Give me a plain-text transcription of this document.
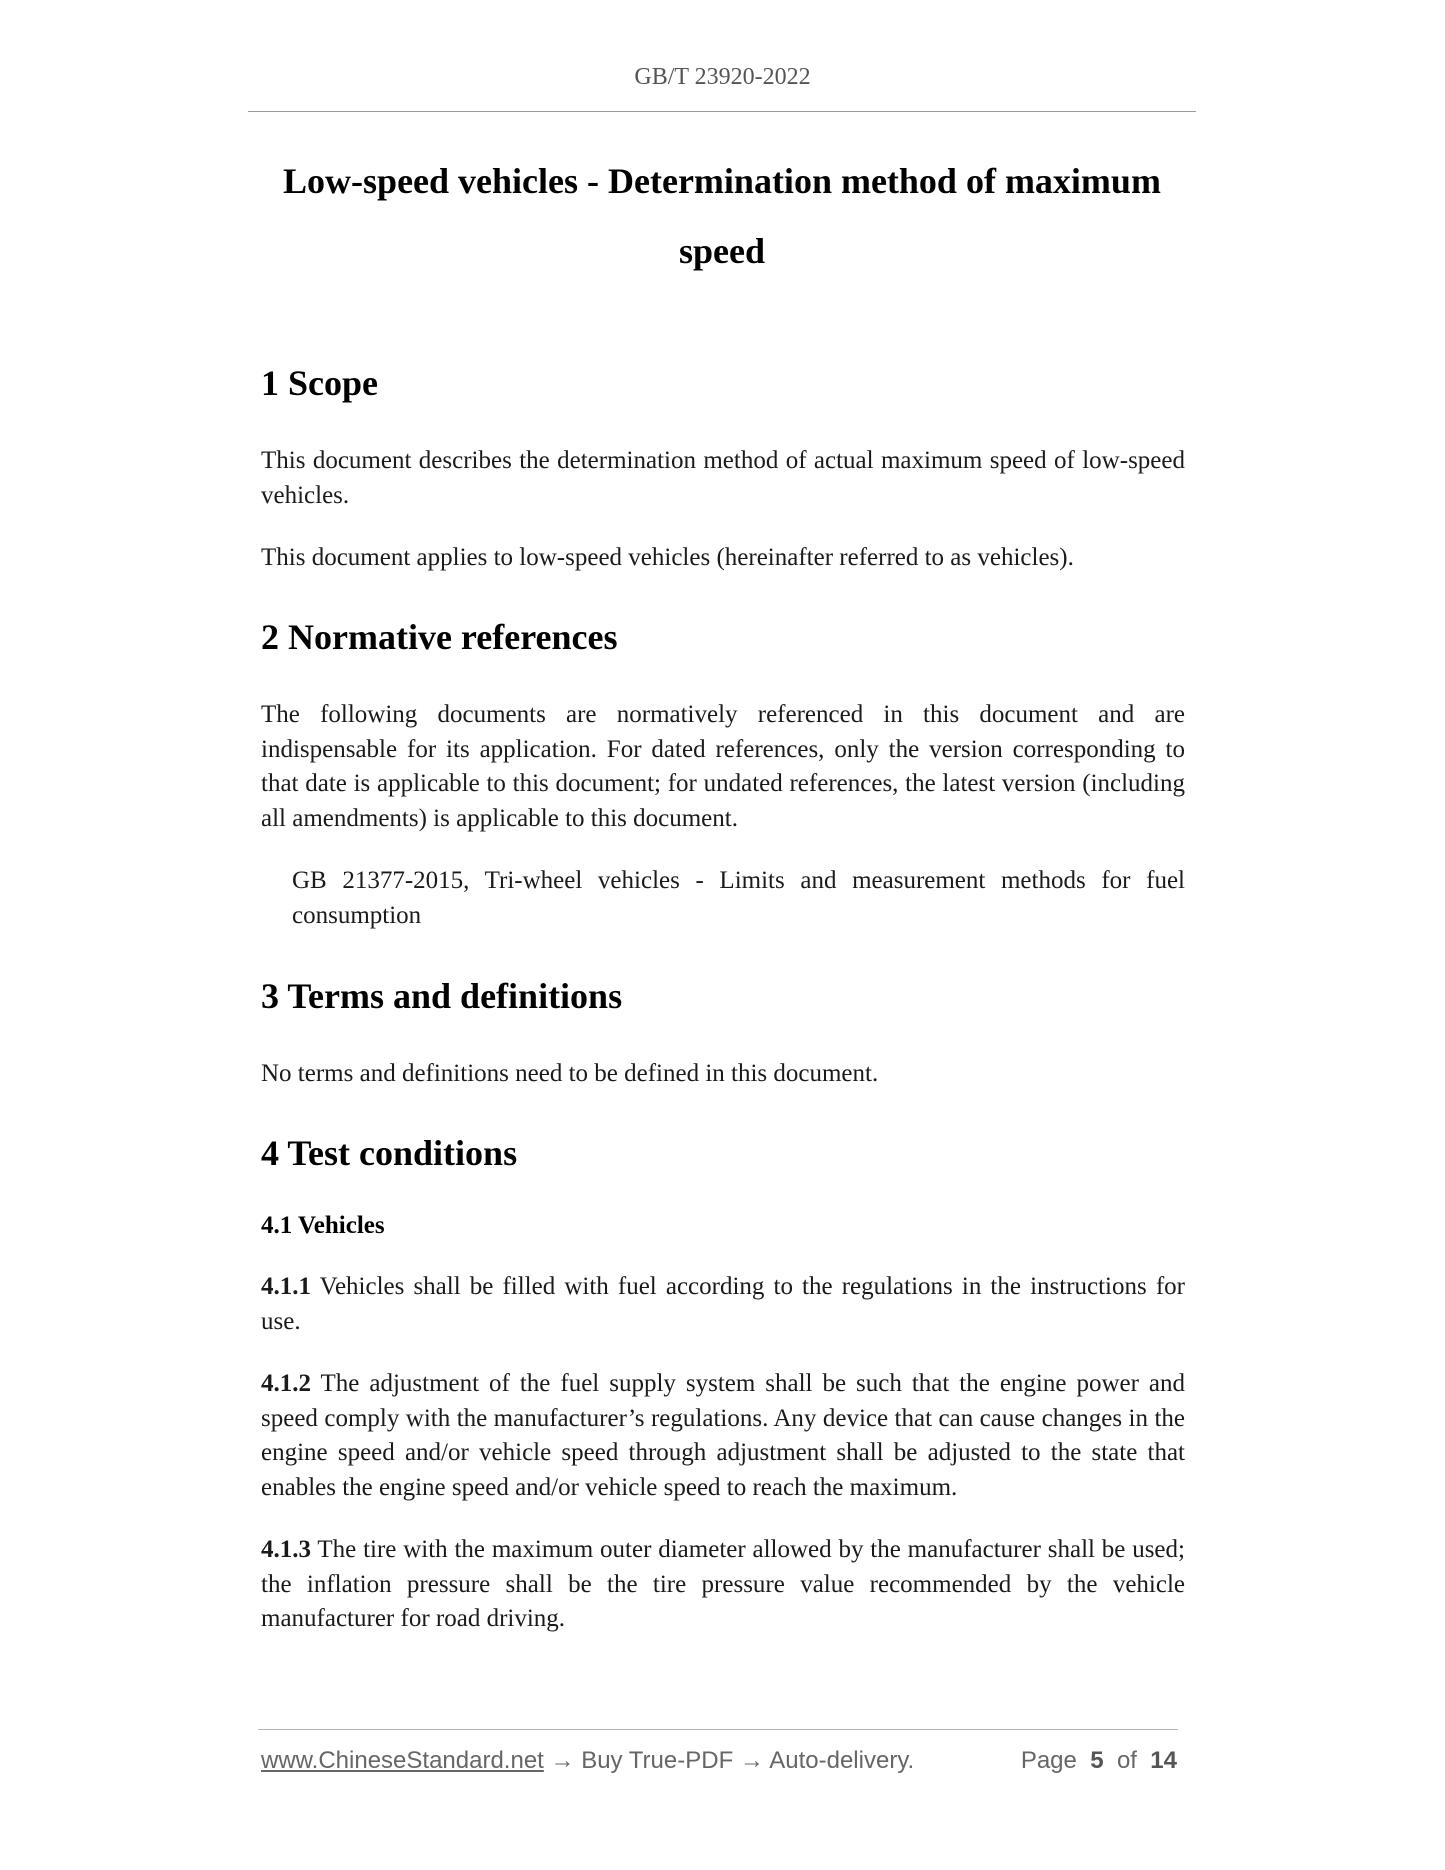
GB/T 23920-2022
Low-speed vehicles - Determination method of maximum
speed
1 Scope

This document describes the determination method of actual maximum speed of low-speed vehicles.

This document applies to low-speed vehicles (hereinafter referred to as vehicles).

2 Normative references

The following documents are normatively referenced in this document and are indispensable for its application. For dated references, only the version corresponding to that date is applicable to this document; for undated references, the latest version (including all amendments) is applicable to this document.

GB 21377-2015, Tri-wheel vehicles - Limits and measurement methods for fuel consumption

3 Terms and definitions

No terms and definitions need to be defined in this document.

4 Test conditions
4.1 Vehicles

4.1.1 Vehicles shall be filled with fuel according to the regulations in the instructions for use.

4.1.2 The adjustment of the fuel supply system shall be such that the engine power and speed comply with the manufacturer’s regulations. Any device that can cause changes in the engine speed and/or vehicle speed through adjustment shall be adjusted to the state that enables the engine speed and/or vehicle speed to reach the maximum.

4.1.3 The tire with the maximum outer diameter allowed by the manufacturer shall be used; the inflation pressure shall be the tire pressure value recommended by the vehicle manufacturer for road driving.

www.ChineseStandard.net → Buy True-PDF → Auto-delivery.	Page 5 of 14
